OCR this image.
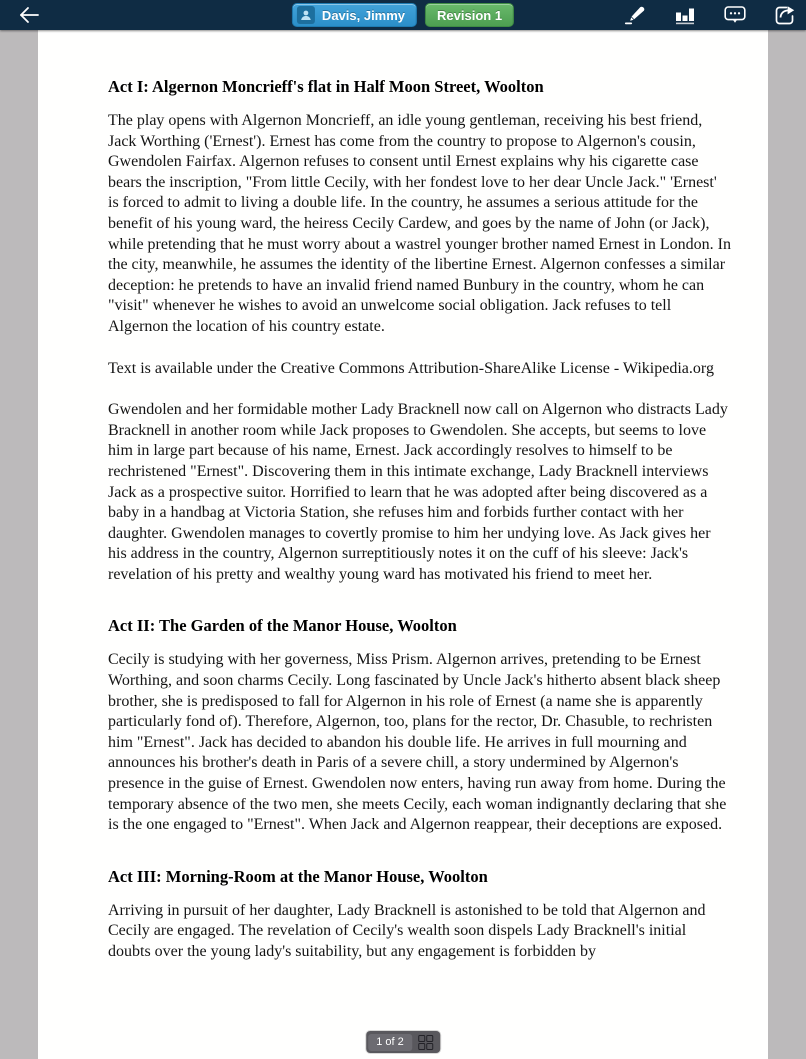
Davis, Jimmy Revision 1
Act I: Algernon Moncrieff's flat in Half Moon Street, Woolton

The play opens with Algernon Moncrieff, an idle young gentleman, receiving his best friend, Jack Worthing ('Ernest'). Ernest has come from the country to propose to Algernon's cousin, Gwendolen Fairfax. Algernon refuses to consent until Ernest explains why his cigarette case bears the inscription, "From little Cecily, with her fondest love to her dear Uncle Jack." 'Ernest' is forced to admit to living a double life. In the country, he assumes a serious attitude for the benefit of his young ward, the heiress Cecily Cardew, and goes by the name of John (or Jack), while pretending that he must worry about a wastrel younger brother named Ernest in London. In the city, meanwhile, he assumes the identity of the libertine Ernest. Algernon confesses a similar deception: he pretends to have an invalid friend named Bunbury in the country, whom he can "visit" whenever he wishes to avoid an unwelcome social obligation. Jack refuses to tell Algernon the location of his country estate.

Text is available under the Creative Commons Attribution-ShareAlike License - Wikipedia.org

Gwendolen and her formidable mother Lady Bracknell now call on Algernon who distracts Lady Bracknell in another room while Jack proposes to Gwendolen. She accepts, but seems to love him in large part because of his name, Ernest. Jack accordingly resolves to himself to be rechristened "Ernest". Discovering them in this intimate exchange, Lady Bracknell interviews Jack as a prospective suitor. Horrified to learn that he was adopted after being discovered as a baby in a handbag at Victoria Station, she refuses him and forbids further contact with her daughter. Gwendolen manages to covertly promise to him her undying love. As Jack gives her his address in the country, Algernon surreptitiously notes it on the cuff of his sleeve: Jack's revelation of his pretty and wealthy young ward has motivated his friend to meet her.

Act II: The Garden of the Manor House, Woolton

Cecily is studying with her governess, Miss Prism. Algernon arrives, pretending to be Ernest Worthing, and soon charms Cecily. Long fascinated by Uncle Jack's hitherto absent black sheep brother, she is predisposed to fall for Algernon in his role of Ernest (a name she is apparently particularly fond of). Therefore, Algernon, too, plans for the rector, Dr. Chasuble, to rechristen him "Ernest". Jack has decided to abandon his double life. He arrives in full mourning and announces his brother's death in Paris of a severe chill, a story undermined by Algernon's presence in the guise of Ernest. Gwendolen now enters, having run away from home. During the temporary absence of the two men, she meets Cecily, each woman indignantly declaring that she is the one engaged to "Ernest". When Jack and Algernon reappear, their deceptions are exposed.

Act III: Morning-Room at the Manor House, Woolton

Arriving in pursuit of her daughter, Lady Bracknell is astonished to be told that Algernon and Cecily are engaged. The revelation of Cecily's wealth soon dispels Lady Bracknell's initial doubts over the young lady's suitability, but any engagement is forbidden by

1 of 2
